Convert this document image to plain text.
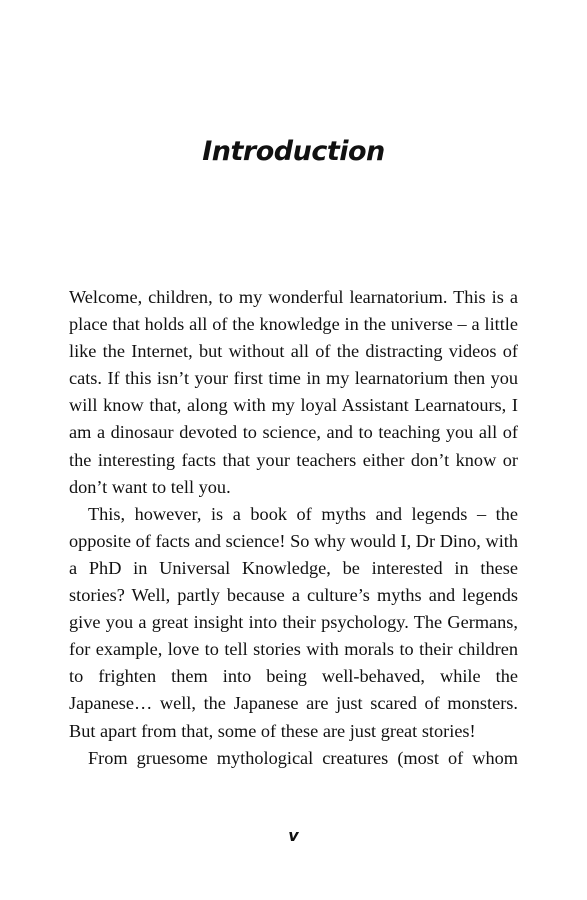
Introduction

Welcome, children, to my wonderful learnatorium. This is a place that holds all of the knowledge in the universe – a little like the Internet, but without all of the distracting videos of cats. If this isn’t your first time in my learnatorium then you will know that, along with my loyal Assistant Learnatours, I am a dinosaur devoted to science, and to teaching you all of the interesting facts that your teachers either don’t know or don’t want to tell you.

This, however, is a book of myths and legends – the opposite of facts and science! So why would I, Dr Dino, with a PhD in Universal Knowledge, be interested in these stories? Well, partly because a culture’s myths and legends give you a great insight into their psychology. The Germans, for example, love to tell stories with morals to their children to frighten them into being well-behaved, while the Japanese… well, the Japanese are just scared of monsters. But apart from that, some of these are just great stories!

From gruesome mythological creatures (most of whom

v
